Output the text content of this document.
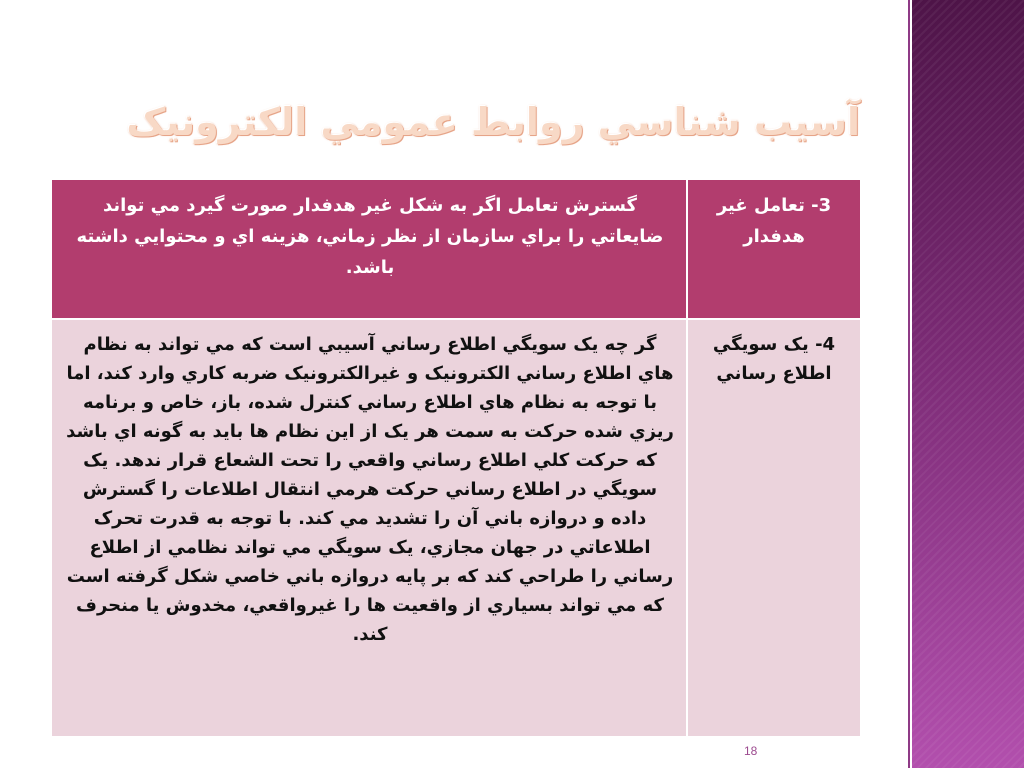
آسيب شناسي روابط عمومي الکترونيک
3- تعامل غير هدفدار
گسترش تعامل اگر به شکل غير هدفدار صورت گيرد مي تواند ضايعاتي را براي سازمان از نظر زماني، هزينه اي و محتوايي داشته باشد.
4- يک سويگي اطلاع رساني
گر چه يک سويگي اطلاع رساني آسيبي است که مي تواند به نظام هاي اطلاع رساني الکترونيک و غيرالکترونيک ضربه کاري وارد کند، اما با توجه به نظام هاي اطلاع رساني کنترل شده، باز، خاص و برنامه ريزي شده حرکت به سمت هر يک از اين نظام ها بايد به گونه اي باشد که حرکت کلي اطلاع رساني واقعي را تحت الشعاع قرار ندهد. يک سويگي در اطلاع رساني حرکت هرمي انتقال اطلاعات را گسترش داده و دروازه باني آن را تشديد مي کند. با توجه به قدرت تحرک اطلاعاتي در جهان مجازي، يک سويگي مي تواند نظامي از اطلاع رساني را طراحي کند که بر پايه دروازه باني خاصي شکل گرفته است که مي تواند بسياري از واقعيت ها را غيرواقعي، مخدوش يا منحرف کند.
18
